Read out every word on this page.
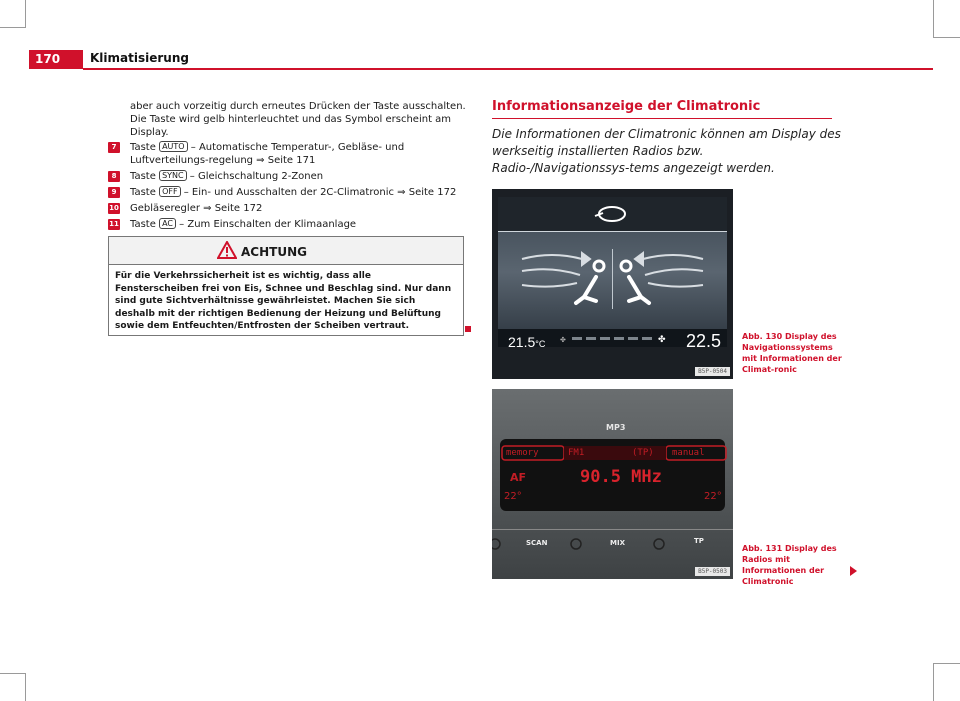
170	Klimatisierung

aber auch vorzeitig durch erneutes Drücken der Taste ausschalten. Die Taste wird gelb hinterleuchtet und das Symbol erscheint am Display.

7	Taste AUTO – Automatische Temperatur-, Gebläse- und Luftverteilungs-regelung ⇒ Seite 171
8	Taste SYNC – Gleichschaltung 2-Zonen
9	Taste OFF – Ein- und Ausschalten der 2C-Climatronic ⇒ Seite 172
10 Gebläseregler ⇒ Seite 172
11 Taste AC – Zum Einschalten der Klimaanlage
ACHTUNG

Für die Verkehrssicherheit ist es wichtig, dass alle Fensterscheiben frei von Eis, Schnee und Beschlag sind. Nur dann sind gute Sichtverhältnisse gewährleistet. Machen Sie sich deshalb mit der richtigen Bedienung der Heizung und Belüftung sowie dem Entfeuchten/Entfrosten der Scheiben vertraut.

Informationsanzeige der Climatronic

Die Informationen der Climatronic können am Display des werkseitig installierten Radios bzw. Radio-/Navigationssys-tems angezeigt werden.

✤
✤
21.5°C	22.5
B5P-0504
Abb. 130 Display des Navigationssystems mit Informationen der Climat-ronic
MP3
memory	FM1	(TP) manual
AF	90.5 MHz
22°	22°
SCAN	MIX	TP
B5P-0503
Abb. 131 Display des Radios mit Informationen der Climatronic
